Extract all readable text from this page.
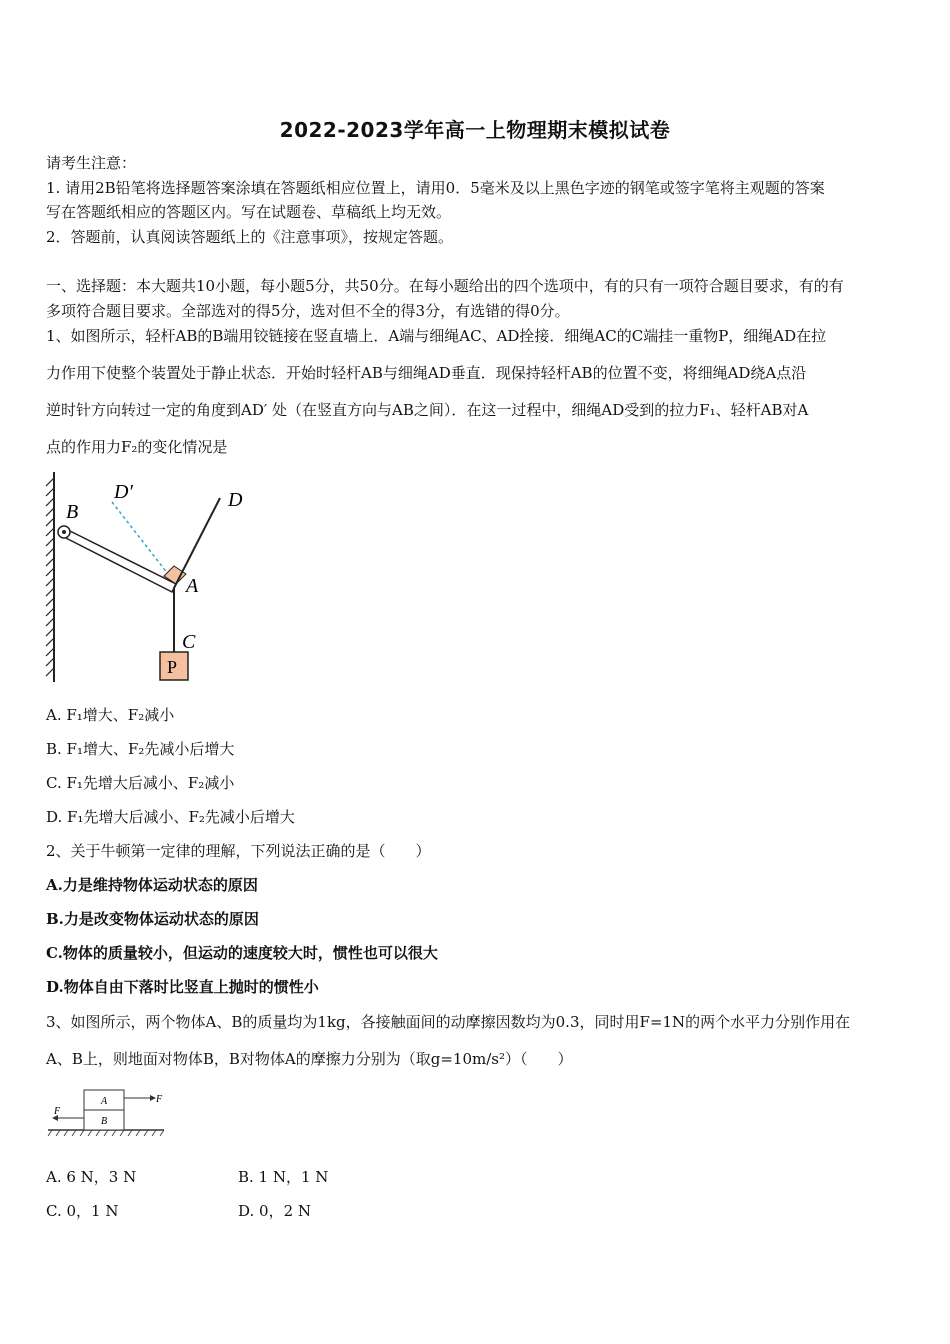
2022-2023学年高一上物理期末模拟试卷
请考生注意：
1. 请用2B铅笔将选择题答案涂填在答题纸相应位置上，请用0．5毫米及以上黑色字迹的钢笔或签字笔将主观题的答案
写在答题纸相应的答题区内。写在试题卷、草稿纸上均无效。
2．答题前，认真阅读答题纸上的《注意事项》，按规定答题。
一、选择题：本大题共10小题，每小题5分，共50分。在每小题给出的四个选项中，有的只有一项符合题目要求，有的有
多项符合题目要求。全部选对的得5分，选对但不全的得3分，有选错的得0分。
1、如图所示，轻杆AB的B端用铰链接在竖直墙上．A端与细绳AC、AD拴接．细绳AC的C端挂一重物P，细绳AD在拉
力作用下使整个装置处于静止状态．开始时轻杆AB与细绳AD垂直．现保持轻杆AB的位置不变，将细绳AD绕A点沿
逆时针方向转过一定的角度到AD′ 处（在竖直方向与AB之间）．在这一过程中，细绳AD受到的拉力F₁、轻杆AB对A
点的作用力F₂的变化情况是
B
D′	D
A
C
P
A. F₁增大、F₂减小
B. F₁增大、F₂先减小后增大
C. F₁先增大后减小、F₂减小
D. F₁先增大后减小、F₂先减小后增大
2、关于牛顿第一定律的理解，下列说法正确的是（　　）
A.力是维持物体运动状态的原因
B.力是改变物体运动状态的原因
C.物体的质量较小，但运动的速度较大时，惯性也可以很大
D.物体自由下落时比竖直上抛时的惯性小
3、如图所示，两个物体A、B的质量均为1kg，各接触面间的动摩擦因数均为0.3，同时用F=1N的两个水平力分别作用在
A、B上，则地面对物体B，B对物体A的摩擦力分别为（取g=10m/s²）（　　）
A
B
F
F
A. 6 N，3 N	B. 1 N，1 N
C. 0，1 N	D. 0，2 N
